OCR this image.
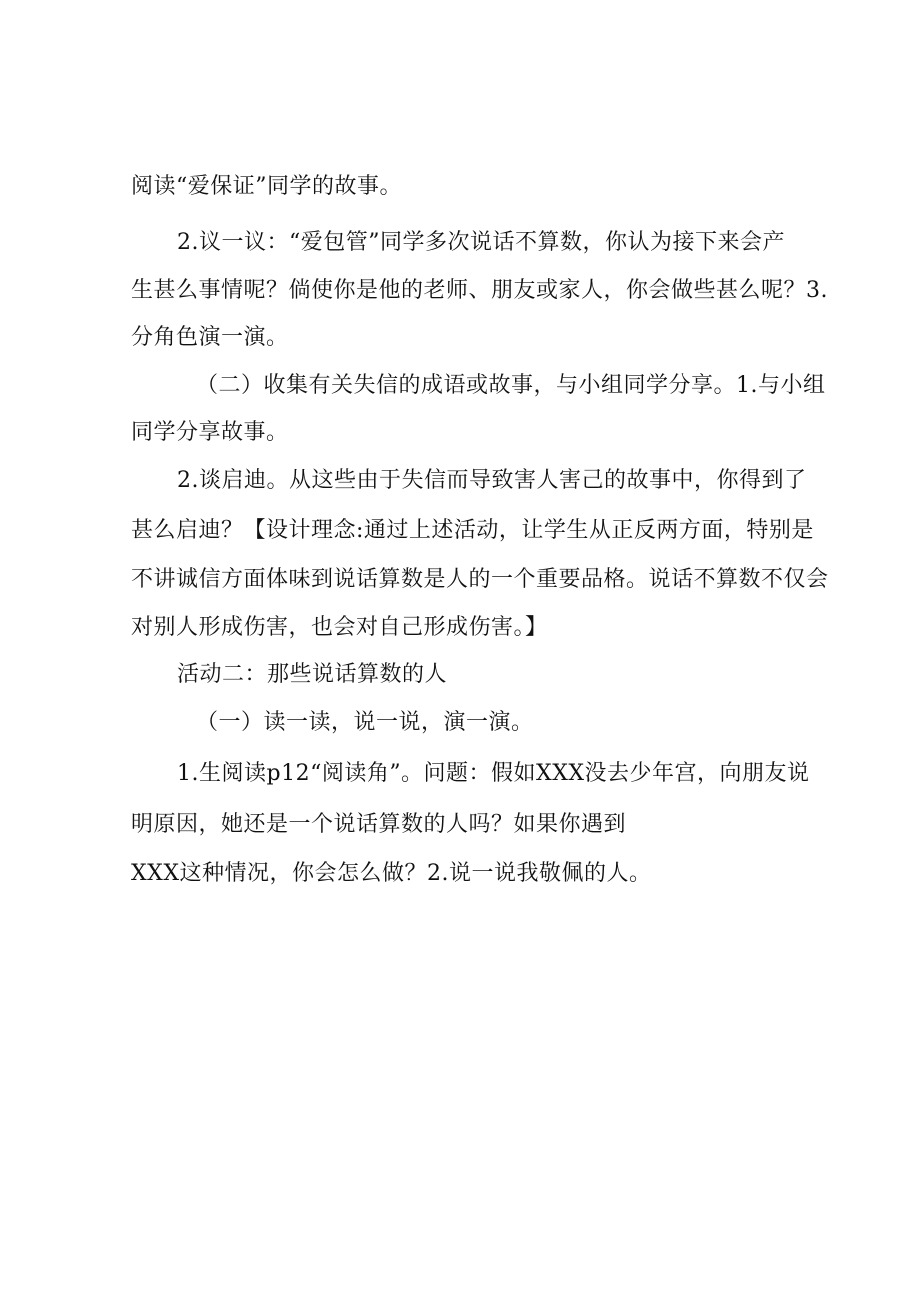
阅读“爱保证”同学的故事。
2.议一议：“爱包管”同学多次说话不算数，你认为接下来会产
生甚么事情呢？倘使你是他的老师、朋友或家人，你会做些甚么呢？3.
分角色演一演。
（二）收集有关失信的成语或故事，与小组同学分享。1.与小组
同学分享故事。
2.谈启迪。从这些由于失信而导致害人害己的故事中，你得到了
甚么启迪？【设计理念:通过上述活动，让学生从正反两方面，特别是
不讲诚信方面体味到说话算数是人的一个重要品格。说话不算数不仅会
对别人形成伤害，也会对自己形成伤害。】
活动二：那些说话算数的人
（一）读一读，说一说，演一演。
1.生阅读p12“阅读角”。问题：假如XXX没去少年宫，向朋友说
明原因，她还是一个说话算数的人吗？如果你遇到
XXX这种情况，你会怎么做？2.说一说我敬佩的人。
